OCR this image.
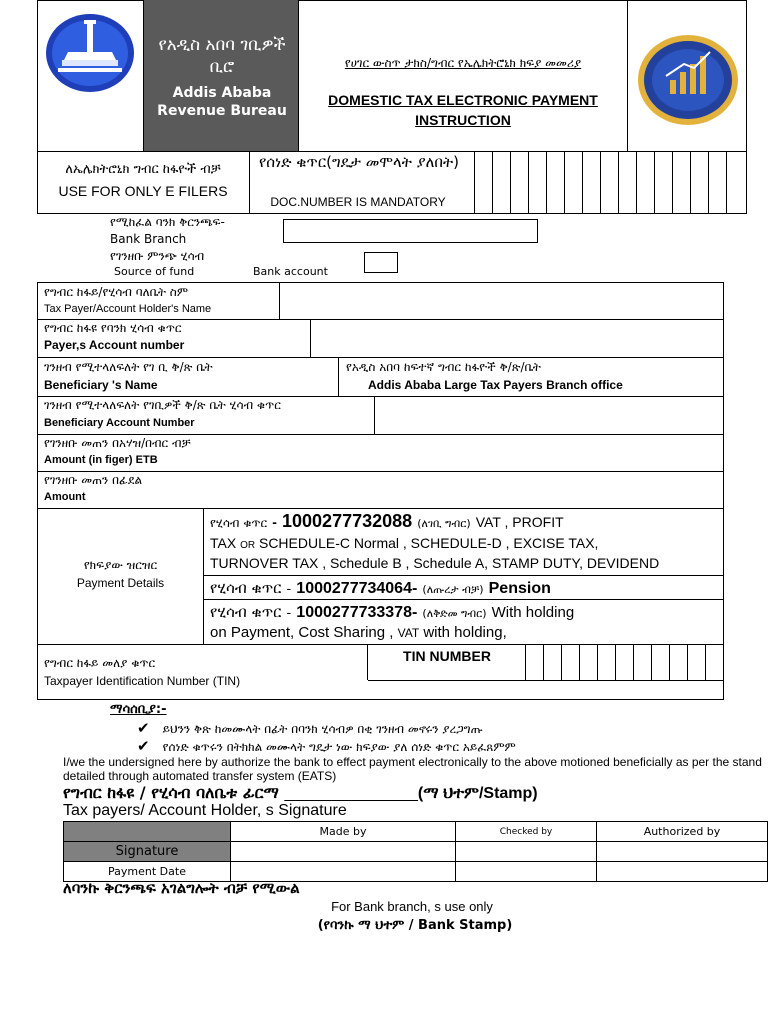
የአዲስ አበባ ገቢዎች ቢሮ
Addis Ababa Revenue Bureau
የሀገር ውስጥ ታክስ/ግብር የኤሌክትሮኒክ ክፍያ መመሪያ
DOMESTIC TAX ELECTRONIC PAYMENT
INSTRUCTION
ለኤሌክትሮኒክ ግብር ከፋዮች ብቻ
USE FOR ONLY E FILERS
የሰነድ ቁጥር(ግዴታ መሞላት ያለበት)
DOC.NUMBER IS MANDATORY
የሚከፈል ባንክ ቅርንጫፍ-
Bank Branch
የገንዘቡ ምንጭ ሂሳብ
Source of fund	Bank account
የግብር ከፋይ/የሂሳብ ባለቤት ስም
Tax Payer/Account Holder's Name
የግብር ከፋዩ የባንክ ሂሳብ ቁጥር
Payer,s Account number
ገንዘብ የሚተላለፍለት የገ ቢ ቅ/ጽ ቤት
Beneficiary 's Name
የአዲስ አበባ ከፍተኛ ግብር ከፋዮች ቅ/ጽ/ቤት
Addis Ababa Large Tax Payers Branch office
ገንዘብ የሚተላለፍለት የገቢዎች ቅ/ጽ ቤት ሂሳብ ቁጥር
Beneficiary Account Number
የገንዘቡ መጠን በአሃዝ/በብር ብቻ
Amount (in figer) ETB
የገንዘቡ መጠን በፊደል
Amount
የክፍያው ዝርዝር
Payment Details
የሂሳብ ቁጥር - 1000277732088 (ለገቢ ግብር) VAT , PROFIT
TAX OR SCHEDULE-C Normal , SCHEDULE-D , EXCISE TAX,
TURNOVER TAX , Schedule B , Schedule A, STAMP DUTY, DEVIDEND
የሂሳብ ቁጥር - 1000277734064- (ለጡረታ ብቻ) Pension
የሂሳብ ቁጥር - 1000277733378- (ለቅድመ ግብር) With holding
on Payment, Cost Sharing , VAT with holding,
የግብር ከፋይ መለያ ቁጥር
Taxpayer Identification Number (TIN)
TIN NUMBER
ማሳሰቢያ:-
✔ ይህንን ቅጽ ከመሙላት በፊት በባንክ ሂሳብዎ በቂ ገንዘብ መኖሩን ያረጋግጡ
✔ የሰነድ ቁጥሩን በትክክል መሙላት ግዴታ ነው ክፍያው ያለ ሰነድ ቁጥር አይፈጸምም
I/we the undersigned here by authorize the bank to effect payment electronically to the above motioned beneficially as per the stand detailed through automated transfer system (EATS)
የግብር ከፋዩ / የሂሳብ ባለቤቱ ፊርማ _______________(ማ ህተም/Stamp)
Tax payers/ Account Holder, s Signature
	Made by	Checked by	Authorized by
Signature			
Payment Date			
ለባንኩ ቅርንጫፍ አገልግሎት ብቻ የሚውል
For Bank branch, s use only
(የባንኩ ማ ህተም / Bank Stamp)
